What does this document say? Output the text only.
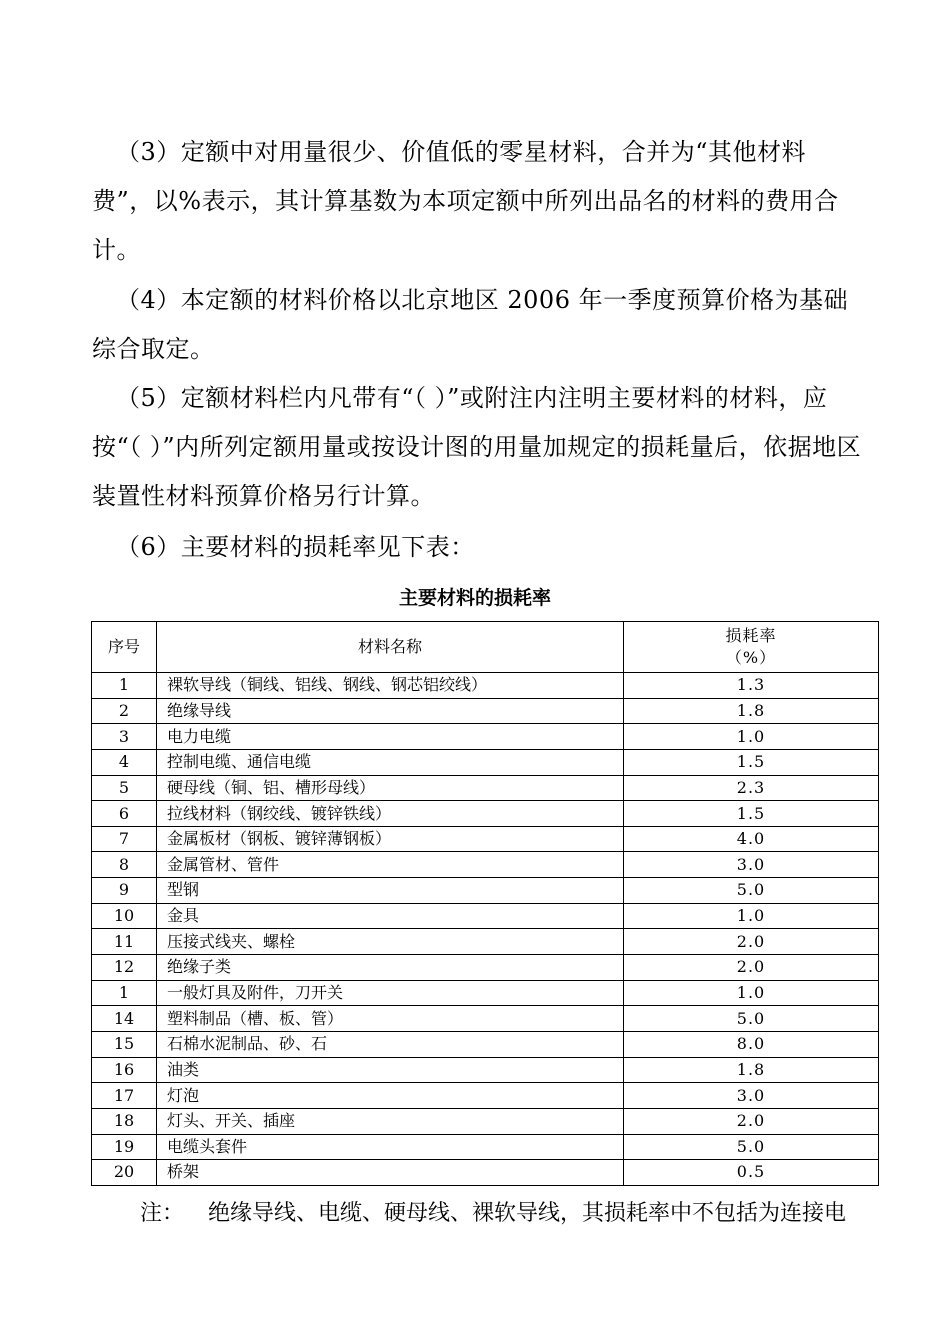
（3）定额中对用量很少、价值低的零星材料，合并为“其他材料费”，以%表示，其计算基数为本项定额中所列出品名的材料的费用合计。

（4）本定额的材料价格以北京地区 2006 年一季度预算价格为基础综合取定。

（5）定额材料栏内凡带有“（ ）”或附注内注明主要材料的材料，应按“（ ）”内所列定额用量或按设计图的用量加规定的损耗量后，依据地区装置性材料预算价格另行计算。

（6）主要材料的损耗率见下表：

主要材料的损耗率
序号	材料名称	损耗率
（%）

1	裸软导线（铜线、铝线、钢线、钢芯铝绞线）	1.3
2	绝缘导线	1.8
3	电力电缆	1.0
4	控制电缆、通信电缆	1.5
5	硬母线（铜、铝、槽形母线）	2.3
6	拉线材料（钢绞线、镀锌铁线）	1.5
7	金属板材（钢板、镀锌薄钢板）	4.0
8	金属管材、管件	3.0
9	型钢	5.0
10	金具	1.0
11	压接式线夹、螺栓	2.0
12	绝缘子类	2.0
1	一般灯具及附件，刀开关	1.0
14	塑料制品（槽、板、管）	5.0
15	石棉水泥制品、砂、石	8.0
16	油类	1.8
17	灯泡	3.0
18	灯头、开关、插座	2.0
19	电缆头套件	5.0
20	桥架	0.5
注： 绝缘导线、电缆、硬母线、裸软导线，其损耗率中不包括为连接电
